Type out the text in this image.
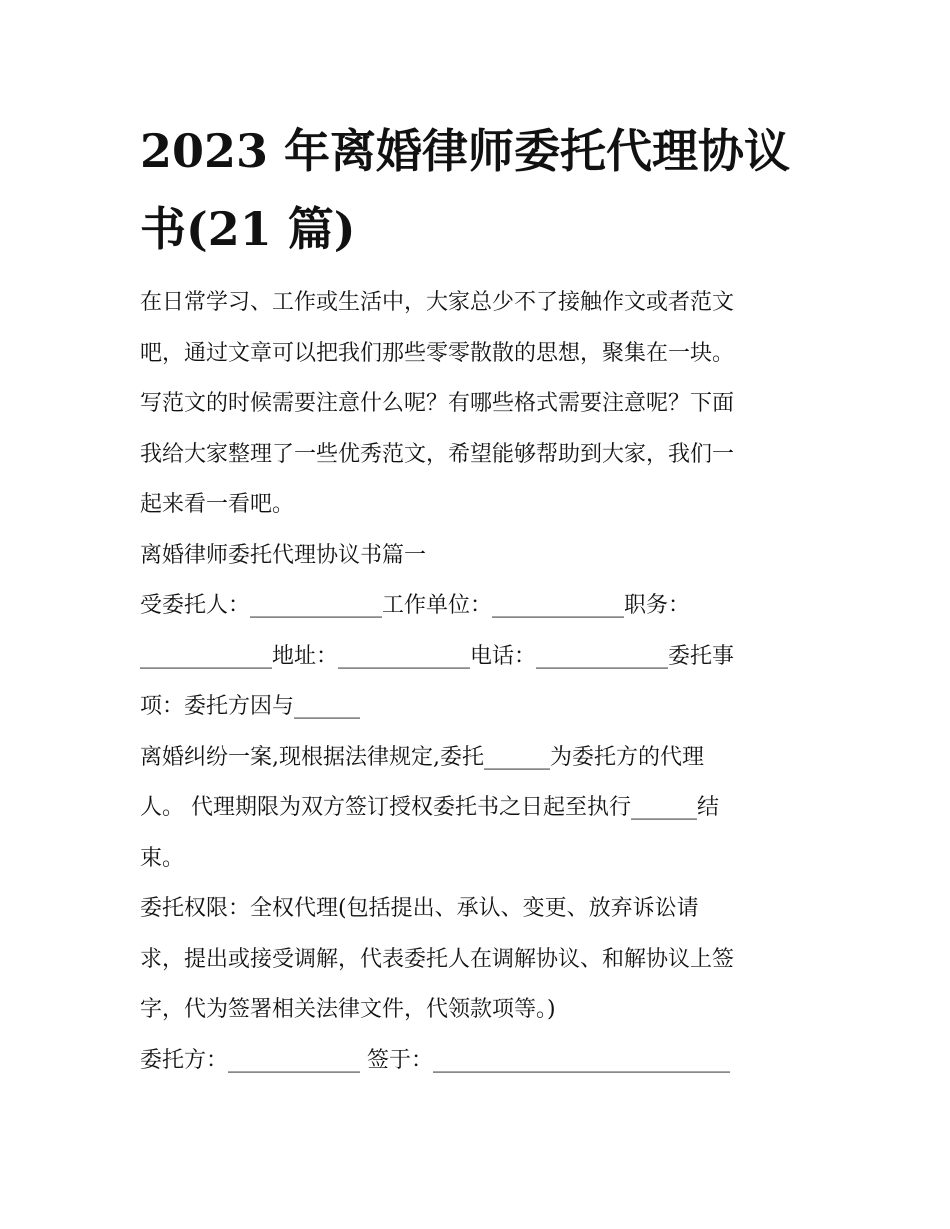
2023 年离婚律师委托代理协议
书(21 篇)
在日常学习、工作或生活中，大家总少不了接触作文或者范文
吧，通过文章可以把我们那些零零散散的思想，聚集在一块。
写范文的时候需要注意什么呢？有哪些格式需要注意呢？下面
我给大家整理了一些优秀范文，希望能够帮助到大家，我们一
起来看一看吧。
离婚律师委托代理协议书篇一
受委托人：____________工作单位：____________职务：
____________地址：____________电话：____________委托事
项：委托方因与______
离婚纠纷一案,现根据法律规定,委托______为委托方的代理
人。 代理期限为双方签订授权委托书之日起至执行______结
束。
委托权限：全权代理(包括提出、承认、变更、放弃诉讼请
求，提出或接受调解，代表委托人在调解协议、和解协议上签
字，代为签署相关法律文件，代领款项等。)
委托方：____________ 签于：___________________________
